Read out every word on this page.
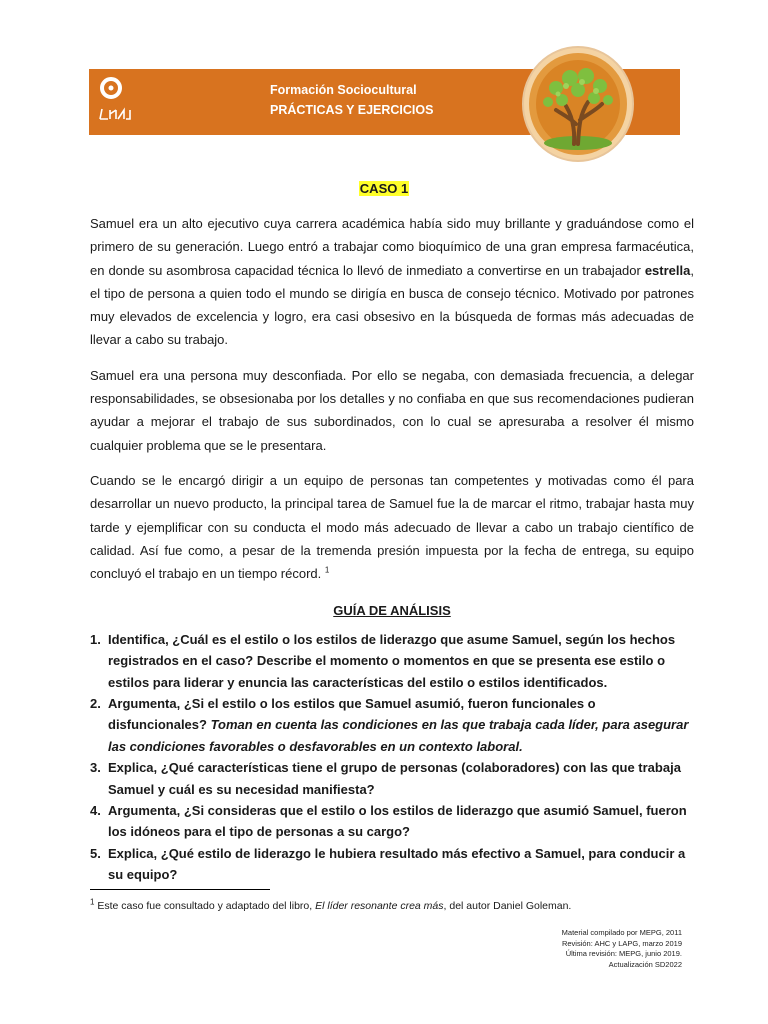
Formación Sociocultural
PRÁCTICAS Y EJERCICIOS
CASO 1

Samuel era un alto ejecutivo cuya carrera académica había sido muy brillante y graduándose como el primero de su generación. Luego entró a trabajar como bioquímico de una gran empresa farmacéutica, en donde su asombrosa capacidad técnica lo llevó de inmediato a convertirse en un trabajador estrella, el tipo de persona a quien todo el mundo se dirigía en busca de consejo técnico. Motivado por patrones muy elevados de excelencia y logro, era casi obsesivo en la búsqueda de formas más adecuadas de llevar a cabo su trabajo.

Samuel era una persona muy desconfiada. Por ello se negaba, con demasiada frecuencia, a delegar responsabilidades, se obsesionaba por los detalles y no confiaba en que sus recomendaciones pudieran ayudar a mejorar el trabajo de sus subordinados, con lo cual se apresuraba a resolver él mismo cualquier problema que se le presentara.

Cuando se le encargó dirigir a un equipo de personas tan competentes y motivadas como él para desarrollar un nuevo producto, la principal tarea de Samuel fue la de marcar el ritmo, trabajar hasta muy tarde y ejemplificar con su conducta el modo más adecuado de llevar a cabo un trabajo científico de calidad. Así fue como, a pesar de la tremenda presión impuesta por la fecha de entrega, su equipo concluyó el trabajo en un tiempo récord. $^1$

GUÍA DE ANÁLISIS
1. Identifica, ¿Cuál es el estilo o los estilos de liderazgo que asume Samuel, según los hechos registrados en el caso? Describe el momento o momentos en que se presenta ese estilo o estilos para liderar y enuncia las características del estilo o estilos identificados.
2. Argumenta, ¿Si el estilo o los estilos que Samuel asumió, fueron funcionales o disfuncionales? Toman en cuenta las condiciones en las que trabaja cada líder, para asegurar las condiciones favorables o desfavorables en un contexto laboral.
3. Explica, ¿Qué características tiene el grupo de personas (colaboradores) con las que trabaja Samuel y cuál es su necesidad manifiesta?
4. Argumenta, ¿Si consideras que el estilo o los estilos de liderazgo que asumió Samuel, fueron los idóneos para el tipo de personas a su cargo?
5. Explica, ¿Qué estilo de liderazgo le hubiera resultado más efectivo a Samuel, para conducir a su equipo?
$^1$ Este caso fue consultado y adaptado del libro, El líder resonante crea más, del autor Daniel Goleman.
Material compilado por MEPG, 2011
Revisión: AHC y LAPG, marzo 2019
Última revisión: MEPG, junio 2019.
Actualización SD2022
